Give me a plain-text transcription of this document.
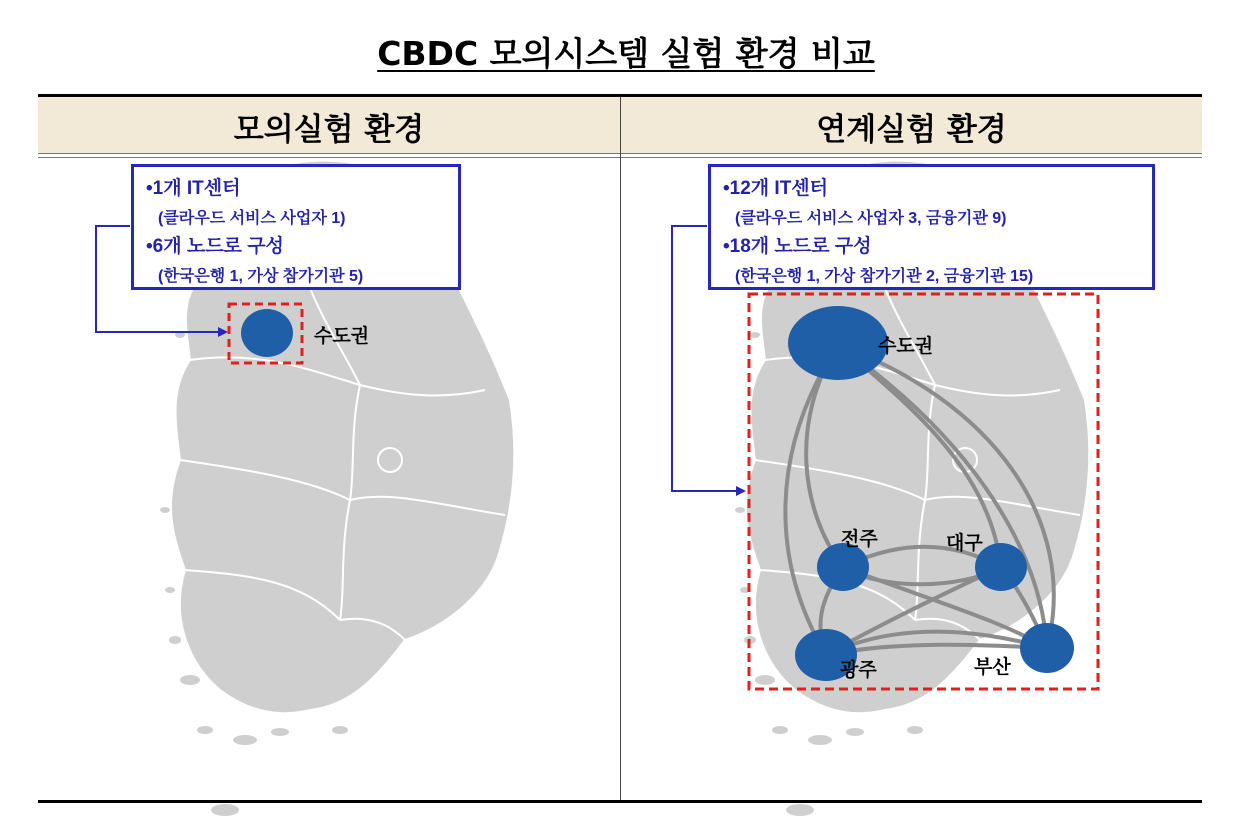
CBDC 모의시스템 실험 환경 비교
모의실험 환경	연계실험 환경
•1개 IT센터
(클라우드 서비스 사업자 1)
•6개 노드로 구성
(한국은행 1, 가상 참가기관 5)
•12개 IT센터
(클라우드 서비스 사업자 3, 금융기관 9)
•18개 노드로 구성
(한국은행 1, 가상 참가기관 2, 금융기관 15)
수도권	수도권
전주	대구
광주	부산
